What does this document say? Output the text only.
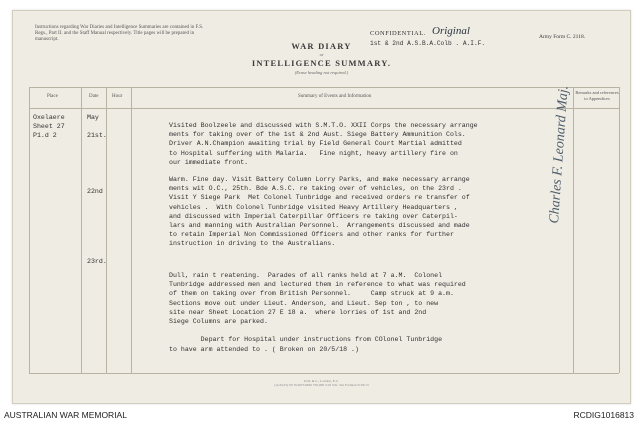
Instructions regarding War Diaries and Intelligence Summaries are contained in F.S. Regs., Part II. and the Staff Manual respectively. Title pages will be prepared in manuscript.
WAR DIARY
or
INTELLIGENCE SUMMARY.
(Erase heading not required.)
CONFIDENTIAL. Original
1st & 2nd A.S.B.A.Colb . A.I.F.
Army Form C. 2118.
Place	Date	Hour	Summary of Events and Information
Remarks and references to Appendices
Oxelaere
Sheet 27
P1.d 2
May
21st.
Visited Boolzeele and discussed with S.M.T.O. XXII Corps the necessary arrange
ments for taking over of the 1st & 2nd Aust. Siege Battery Ammunition Cols.
Driver A.N.Champion awaiting trial by Field General Court Martial admitted
to Hospital suffering with Malaria.   Fine night, heavy artillery fire on
our immediate front.
22nd
Warm. Fine day. Visit Battery Column Lorry Parks, and make necessary arrange
ments wit O.C., 25th. Bde A.S.C. re taking over of vehicles, on the 23rd .
Visit Y Siege Park  Met Colonel Tunbridge and received orders re transfer of
vehicles .  With Colonel Tunbridge visited Heavy Artillery Headquarters ,
and discussed with Imperial Caterpillar Officers re taking over Caterpil-
lars and manning with Australian Personnel.  Arrangements discussed and made
to retain Imperial Non Commissioned Officers and other ranks for further
instruction in driving to the Australians.
23rd.
Dull, rain t reatening.  Parades of all ranks held at 7 a.M.  Colonel
Tunbridge addressed men and lectured them in reference to what was required
of them on taking over from British Personnel.     Camp struck at 9 a.m.
Sections move out under Lieut. Anderson, and Lieut. Sep ton , to new
site near Sheet Location 27 E 18 a.  where lorries of 1st and 2nd
Siege Columns are parked.

Depart for Hospital under instructions from COlonel Tunbridge
to have arm attended to . ( Broken on 20/5/18 .)
Charles F. Leonard Maj.
D.D. & L., London, E.C.
(A10125) Wt W4975/M90 750,000 5/16 Sch. 52a Forms/C2118/13
AUSTRALIAN WAR MEMORIAL	RCDIG1016813
